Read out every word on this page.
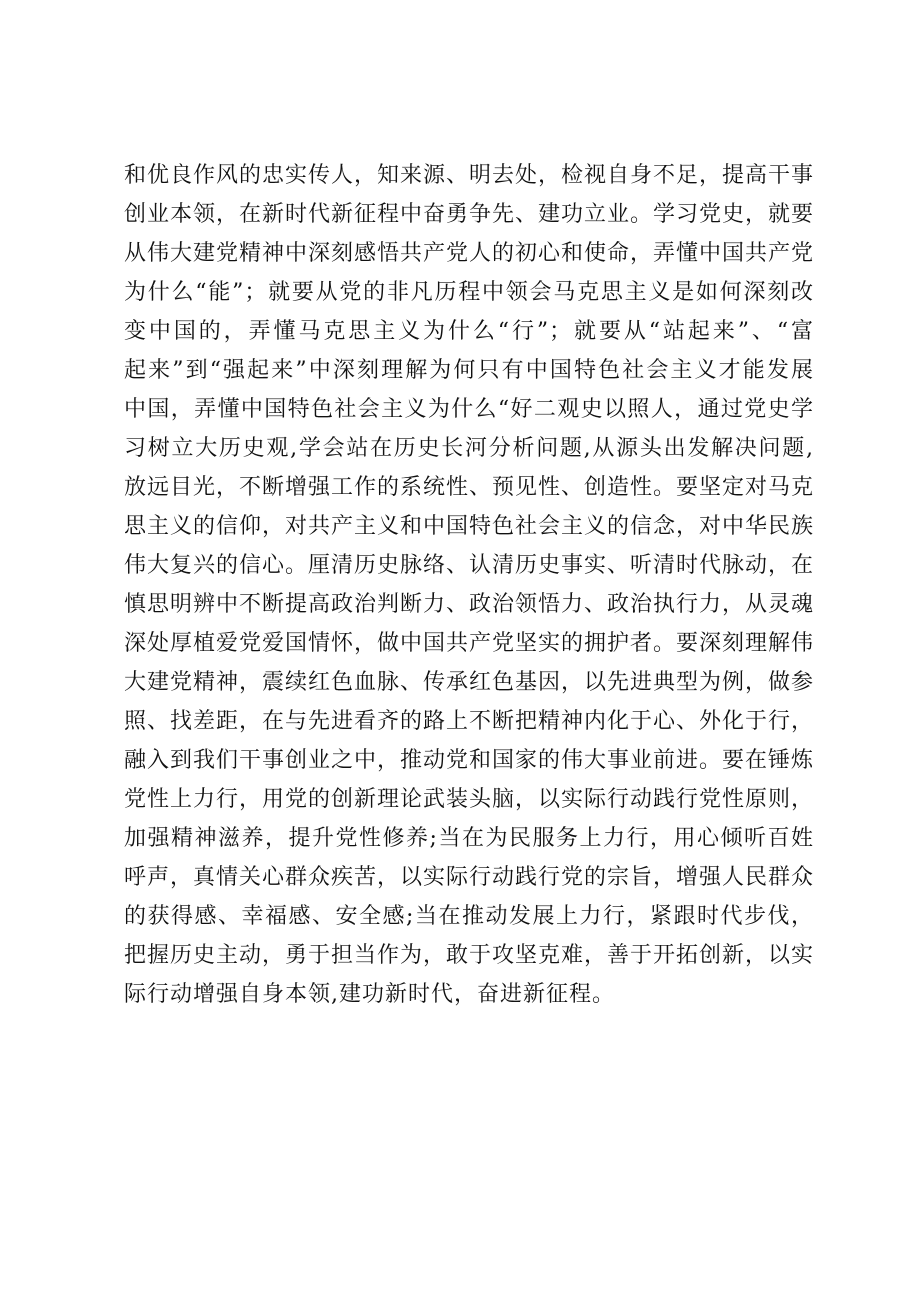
和优良作风的忠实传人，知来源、明去处，检视自身不足，提高干事
创业本领，在新时代新征程中奋勇争先、建功立业。学习党史，就要
从伟大建党精神中深刻感悟共产党人的初心和使命，弄懂中国共产党
为什么“能”；就要从党的非凡历程中领会马克思主义是如何深刻改
变中国的，弄懂马克思主义为什么“行”；就要从“站起来”、“富
起来”到“强起来”中深刻理解为何只有中国特色社会主义才能发展
中国，弄懂中国特色社会主义为什么“好二观史以照人，通过党史学
习树立大历史观,学会站在历史长河分析问题,从源头出发解决问题,
放远目光，不断增强工作的系统性、预见性、创造性。要坚定对马克
思主义的信仰，对共产主义和中国特色社会主义的信念，对中华民族
伟大复兴的信心。厘清历史脉络、认清历史事实、听清时代脉动，在
慎思明辨中不断提高政治判断力、政治领悟力、政治执行力，从灵魂
深处厚植爱党爱国情怀，做中国共产党坚实的拥护者。要深刻理解伟
大建党精神，震续红色血脉、传承红色基因，以先进典型为例，做参
照、找差距，在与先进看齐的路上不断把精神内化于心、外化于行，
融入到我们干事创业之中，推动党和国家的伟大事业前进。要在锤炼
党性上力行，用党的创新理论武装头脑，以实际行动践行党性原则，
加强精神滋养，提升党性修养;当在为民服务上力行，用心倾听百姓
呼声，真情关心群众疾苦，以实际行动践行党的宗旨，增强人民群众
的获得感、幸福感、安全感;当在推动发展上力行，紧跟时代步伐，
把握历史主动，勇于担当作为，敢于攻坚克难，善于开拓创新，以实
际行动增强自身本领,建功新时代，奋进新征程。
